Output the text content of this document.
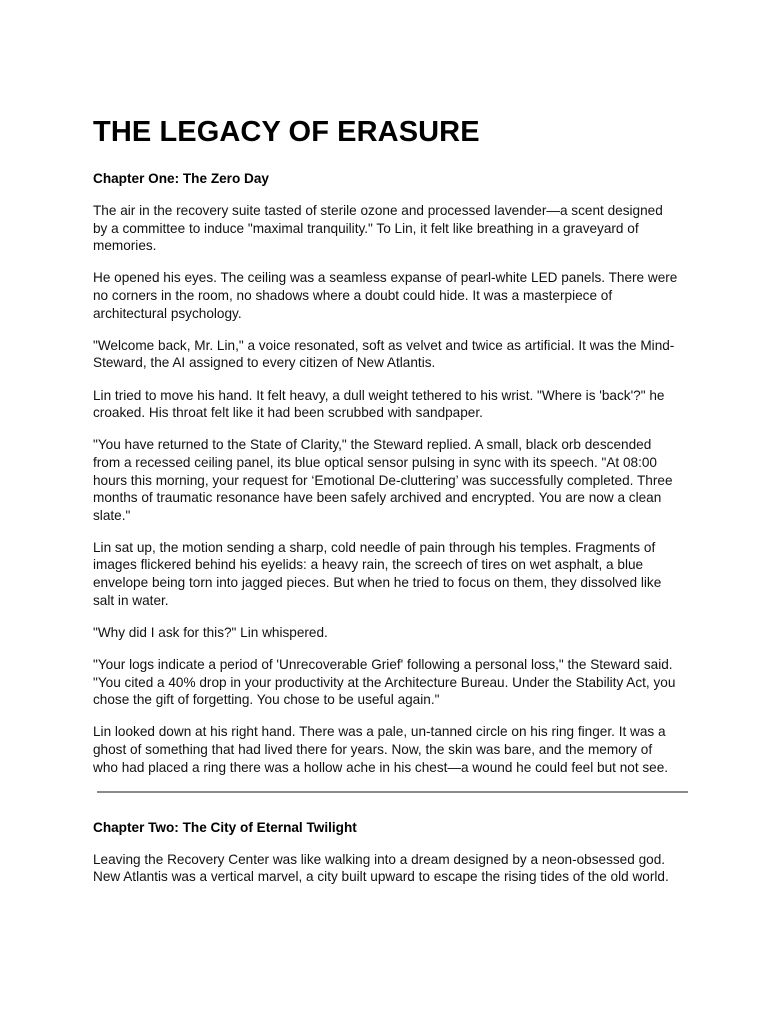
THE LEGACY OF ERASURE
Chapter One: The Zero Day

The air in the recovery suite tasted of sterile ozone and processed lavender—a scent designed by a committee to induce "maximal tranquility." To Lin, it felt like breathing in a graveyard of memories.

He opened his eyes. The ceiling was a seamless expanse of pearl-white LED panels. There were no corners in the room, no shadows where a doubt could hide. It was a masterpiece of architectural psychology.

"Welcome back, Mr. Lin," a voice resonated, soft as velvet and twice as artificial. It was the Mind-Steward, the AI assigned to every citizen of New Atlantis.

Lin tried to move his hand. It felt heavy, a dull weight tethered to his wrist. "Where is 'back'?" he croaked. His throat felt like it had been scrubbed with sandpaper.

"You have returned to the State of Clarity," the Steward replied. A small, black orb descended from a recessed ceiling panel, its blue optical sensor pulsing in sync with its speech. "At 08:00 hours this morning, your request for ‘Emotional De-cluttering’ was successfully completed. Three months of traumatic resonance have been safely archived and encrypted. You are now a clean slate."

Lin sat up, the motion sending a sharp, cold needle of pain through his temples. Fragments of images flickered behind his eyelids: a heavy rain, the screech of tires on wet asphalt, a blue envelope being torn into jagged pieces. But when he tried to focus on them, they dissolved like salt in water.

"Why did I ask for this?" Lin whispered.

"Your logs indicate a period of 'Unrecoverable Grief' following a personal loss," the Steward said. "You cited a 40% drop in your productivity at the Architecture Bureau. Under the Stability Act, you chose the gift of forgetting. You chose to be useful again."

Lin looked down at his right hand. There was a pale, un-tanned circle on his ring finger. It was a ghost of something that had lived there for years. Now, the skin was bare, and the memory of who had placed a ring there was a hollow ache in his chest—a wound he could feel but not see.

Chapter Two: The City of Eternal Twilight

Leaving the Recovery Center was like walking into a dream designed by a neon-obsessed god. New Atlantis was a vertical marvel, a city built upward to escape the rising tides of the old world.
